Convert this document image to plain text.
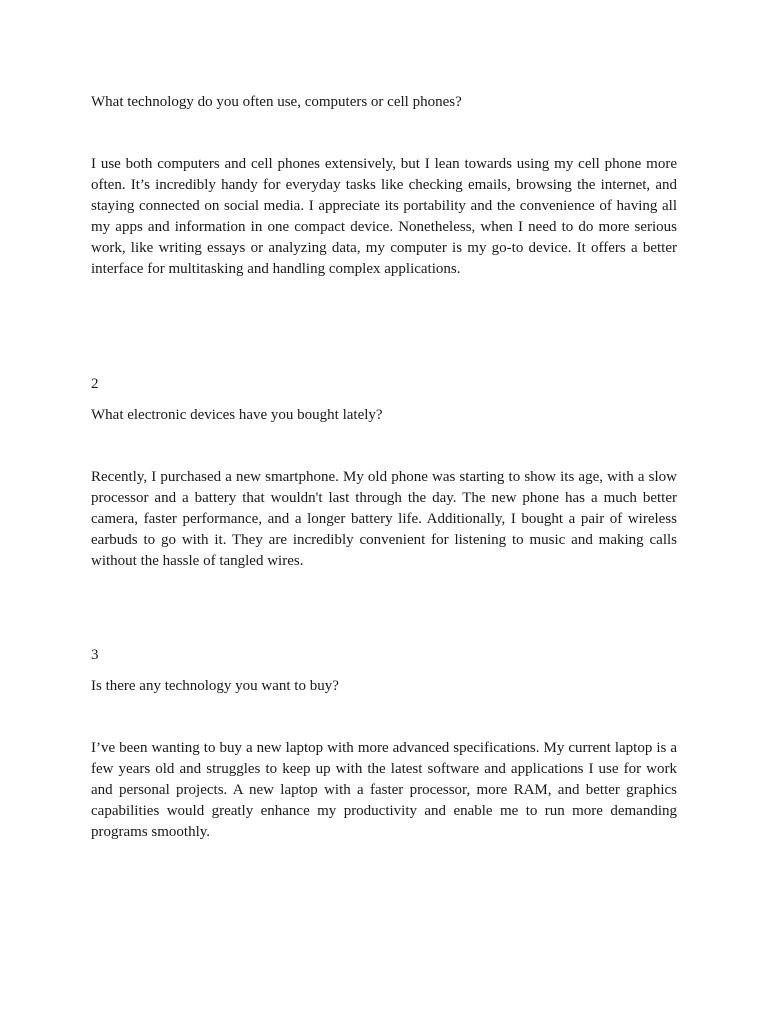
What technology do you often use, computers or cell phones?

I use both computers and cell phones extensively, but I lean towards using my cell phone more often. It’s incredibly handy for everyday tasks like checking emails, browsing the internet, and staying connected on social media. I appreciate its portability and the convenience of having all my apps and information in one compact device. Nonetheless, when I need to do more serious work, like writing essays or analyzing data, my computer is my go-to device. It offers a better interface for multitasking and handling complex applications.

2

What electronic devices have you bought lately?

Recently, I purchased a new smartphone. My old phone was starting to show its age, with a slow processor and a battery that wouldn't last through the day. The new phone has a much better camera, faster performance, and a longer battery life. Additionally, I bought a pair of wireless earbuds to go with it. They are incredibly convenient for listening to music and making calls without the hassle of tangled wires.

3

Is there any technology you want to buy?

I’ve been wanting to buy a new laptop with more advanced specifications. My current laptop is a few years old and struggles to keep up with the latest software and applications I use for work and personal projects. A new laptop with a faster processor, more RAM, and better graphics capabilities would greatly enhance my productivity and enable me to run more demanding programs smoothly.
